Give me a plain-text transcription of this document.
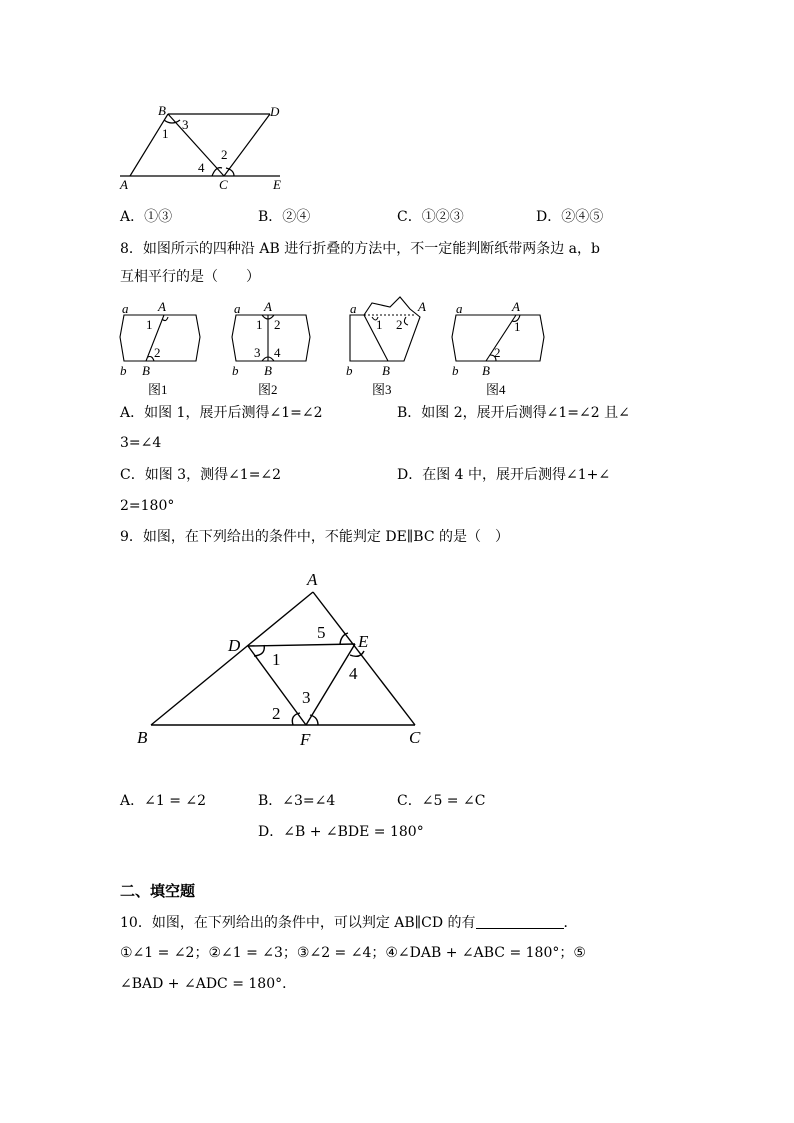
B	D
A	C	E
1
3
2
4
A．①③	B．②④	C．①②③	D．②④⑤
8．如图所示的四种沿 AB 进行折叠的方法中，不一定能判断纸带两条边 a，b
互相平行的是（　　）
a A
1
2
b B
图1
a A
1 2
3 4
b B
图2
a	A
1 2
b B
图3
a	A
1
2
b B
图4
A．如图 1，展开后测得∠1=∠2	B．如图 2，展开后测得∠1=∠2 且∠
3=∠4
C．如图 3，测得∠1=∠2	D．在图 4 中，展开后测得∠1+∠
2=180°
9．如图，在下列给出的条件中，不能判定 DE∥BC 的是（　）
A
D	E
B	F	C
1
2
3
4
5
A．∠1 = ∠2	B．∠3=∠4	C．∠5 = ∠C
D．∠B + ∠BDE = 180°
二、填空题
10．如图，在下列给出的条件中，可以判定 AB∥CD 的有	．
①∠1 = ∠2；②∠1 = ∠3；③∠2 = ∠4；④∠DAB + ∠ABC = 180°；⑤
∠BAD + ∠ADC = 180°．
